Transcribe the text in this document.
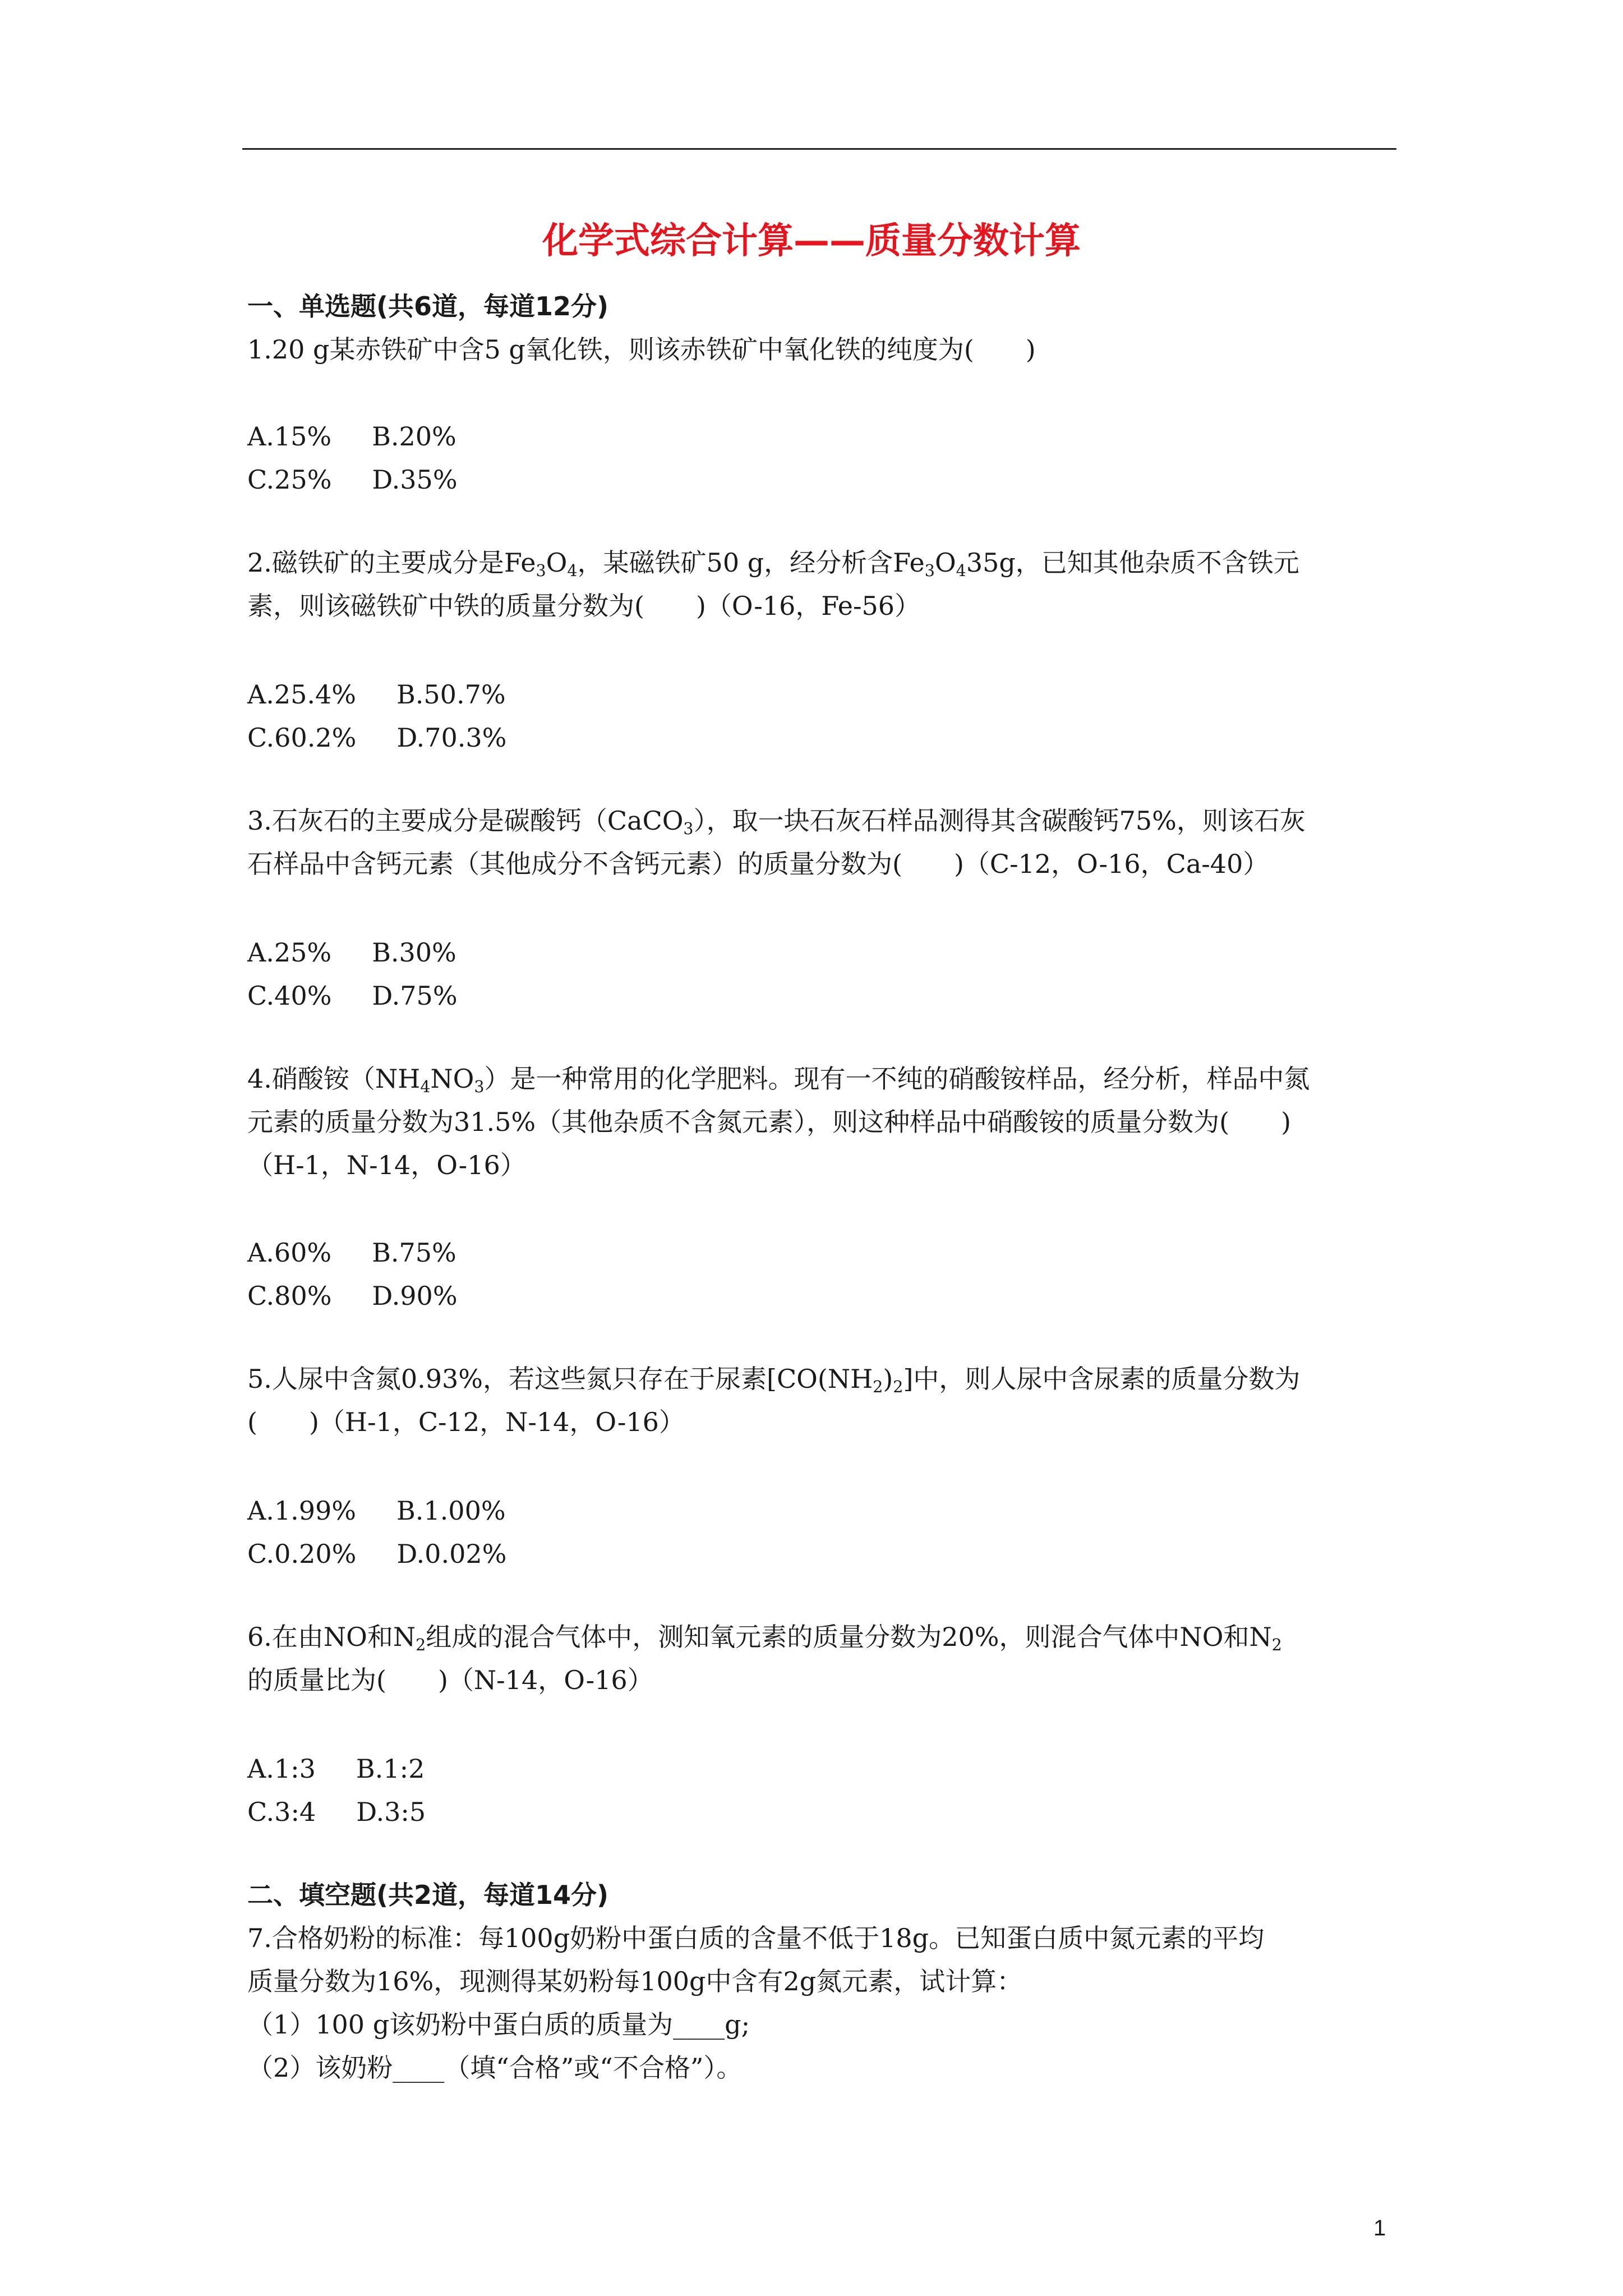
化学式综合计算——质量分数计算
一、单选题(共6道，每道12分)
1.20 g某赤铁矿中含5 g氧化铁，则该赤铁矿中氧化铁的纯度为(　　)
A.15% B.20%
C.25% D.35%
2.磁铁矿的主要成分是$Fe_3O_4$，某磁铁矿50 g，经分析含$Fe_3O_435g$，已知其他杂质不含铁元
素，则该磁铁矿中铁的质量分数为(　　)（O-16，Fe-56）
A.25.4% B.50.7%
C.60.2% D.70.3%
3.石灰石的主要成分是碳酸钙（CaCO$_3$），取一块石灰石样品测得其含碳酸钙75%，则该石灰
石样品中含钙元素（其他成分不含钙元素）的质量分数为(　　)（C-12，O-16，Ca-40）
A.25% B.30%
C.40% D.75%
4.硝酸铵$(NH_4NO_3)$是一种常用的化学肥料。现有一不纯的硝酸铵样品，经分析，样品中氮
元素的质量分数为31.5%（其他杂质不含氮元素），则这种样品中硝酸铵的质量分数为(　　)
（H-1，N-14，O-16）
A.60% B.75%
C.80% D.90%
5.人尿中含氮0.93%，若这些氮只存在于尿素$[CO(NH_2)_2]$中，则人尿中含尿素的质量分数为
(　　)（H-1，C-12，N-14，O-16）
A.1.99% B.1.00%
C.0.20% D.0.02%
6.在由NO和$N_2$组成的混合气体中，测知氧元素的质量分数为20%，则混合气体中NO和$N_2$
的质量比为(　　)（N-14，O-16）
A.1:3 B.1:2
C.3:4 D.3:5
二、填空题(共2道，每道14分)
7.合格奶粉的标准：每100g奶粉中蛋白质的含量不低于18g。已知蛋白质中氮元素的平均
质量分数为16%，现测得某奶粉每100g中含有2g氮元素，试计算：
（1）100 g该奶粉中蛋白质的质量为____g;
（2）该奶粉____（填“合格”或“不合格”）。
1
